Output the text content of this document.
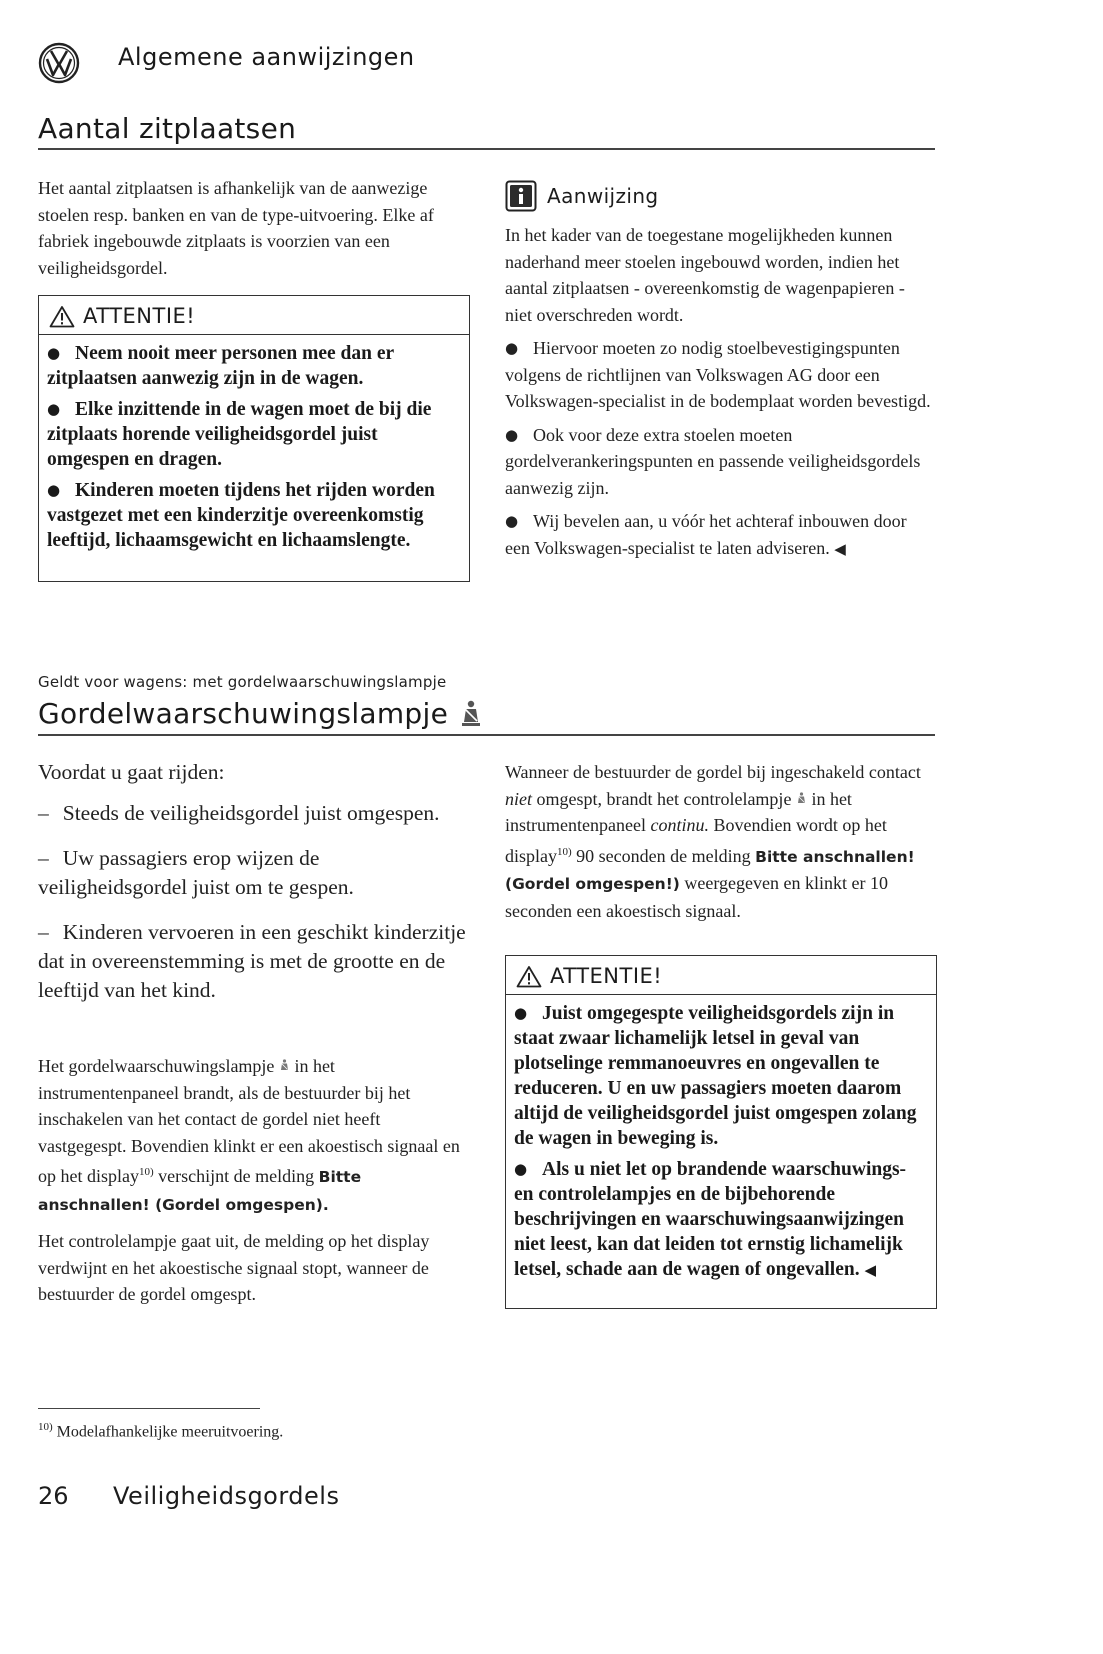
Algemene aanwijzingen
Aantal zitplaatsen

Het aantal zitplaatsen is afhankelijk van de aanwezige stoelen resp. banken en van de type-uitvoering. Elke af fabriek ingebouwde zitplaats is voorzien van een veiligheidsgordel.

ATTENTIE!

● Neem nooit meer personen mee dan er zitplaatsen aanwezig zijn in de wagen.

● Elke inzittende in de wagen moet de bij die zitplaats horende veiligheidsgordel juist omgespen en dragen.

● Kinderen moeten tijdens het rijden worden vastgezet met een kinderzitje overeenkomstig leeftijd, lichaamsgewicht en lichaamslengte.

Aanwijzing

In het kader van de toegestane mogelijkheden kunnen naderhand meer stoelen ingebouwd worden, indien het aantal zitplaatsen - overeenkomstig de wagenpapieren - niet overschreden wordt.

● Hiervoor moeten zo nodig stoelbevestigingspunten volgens de richtlijnen van Volkswagen AG door een Volkswagen-specialist in de bodemplaat worden bevestigd.

● Ook voor deze extra stoelen moeten gordelverankeringspunten en passende veiligheidsgordels aanwezig zijn.

● Wij bevelen aan, u vóór het achteraf inbouwen door een Volkswagen-specialist te laten adviseren. ◀

Geldt voor wagens: met gordelwaarschuwingslampje
Gordelwaarschuwingslampje

Voordat u gaat rijden:

– Steeds de veiligheidsgordel juist omgespen.

– Uw passagiers erop wijzen de veiligheidsgordel juist om te gespen.

– Kinderen vervoeren in een geschikt kinderzitje dat in overeenstemming is met de grootte en de leeftijd van het kind.

Het gordelwaarschuwingslampje in het instrumentenpaneel brandt, als de bestuurder bij het inschakelen van het contact de gordel niet heeft vastgegespt. Bovendien klinkt er een akoestisch signaal en op het display$^{10)}$ verschijnt de melding Bitte anschnallen! (Gordel omgespen).

Het controlelampje gaat uit, de melding op het display verdwijnt en het akoestische signaal stopt, wanneer de bestuurder de gordel omgespt.

Wanneer de bestuurder de gordel bij ingeschakeld contact niet omgespt, brandt het controlelampje in het instrumentenpaneel continu. Bovendien wordt op het display$^{10)}$ 90 seconden de melding Bitte anschnallen! (Gordel omgespen!) weergegeven en klinkt er 10 seconden een akoestisch signaal.

ATTENTIE!

● Juist omgegespte veiligheidsgordels zijn in staat zwaar lichamelijk letsel in geval van plotselinge remmanoeuvres en ongevallen te reduceren. U en uw passagiers moeten daarom altijd de veiligheidsgordel juist omgespen zolang de wagen in beweging is.

● Als u niet let op brandende waarschuwings- en controlelampjes en de bijbehorende beschrijvingen en waarschuwingsaanwijzingen niet leest, kan dat leiden tot ernstig lichamelijk letsel, schade aan de wagen of ongevallen. ◀

$^{10)}$ Modelafhankelijke meeruitvoering.
26 Veiligheidsgordels
